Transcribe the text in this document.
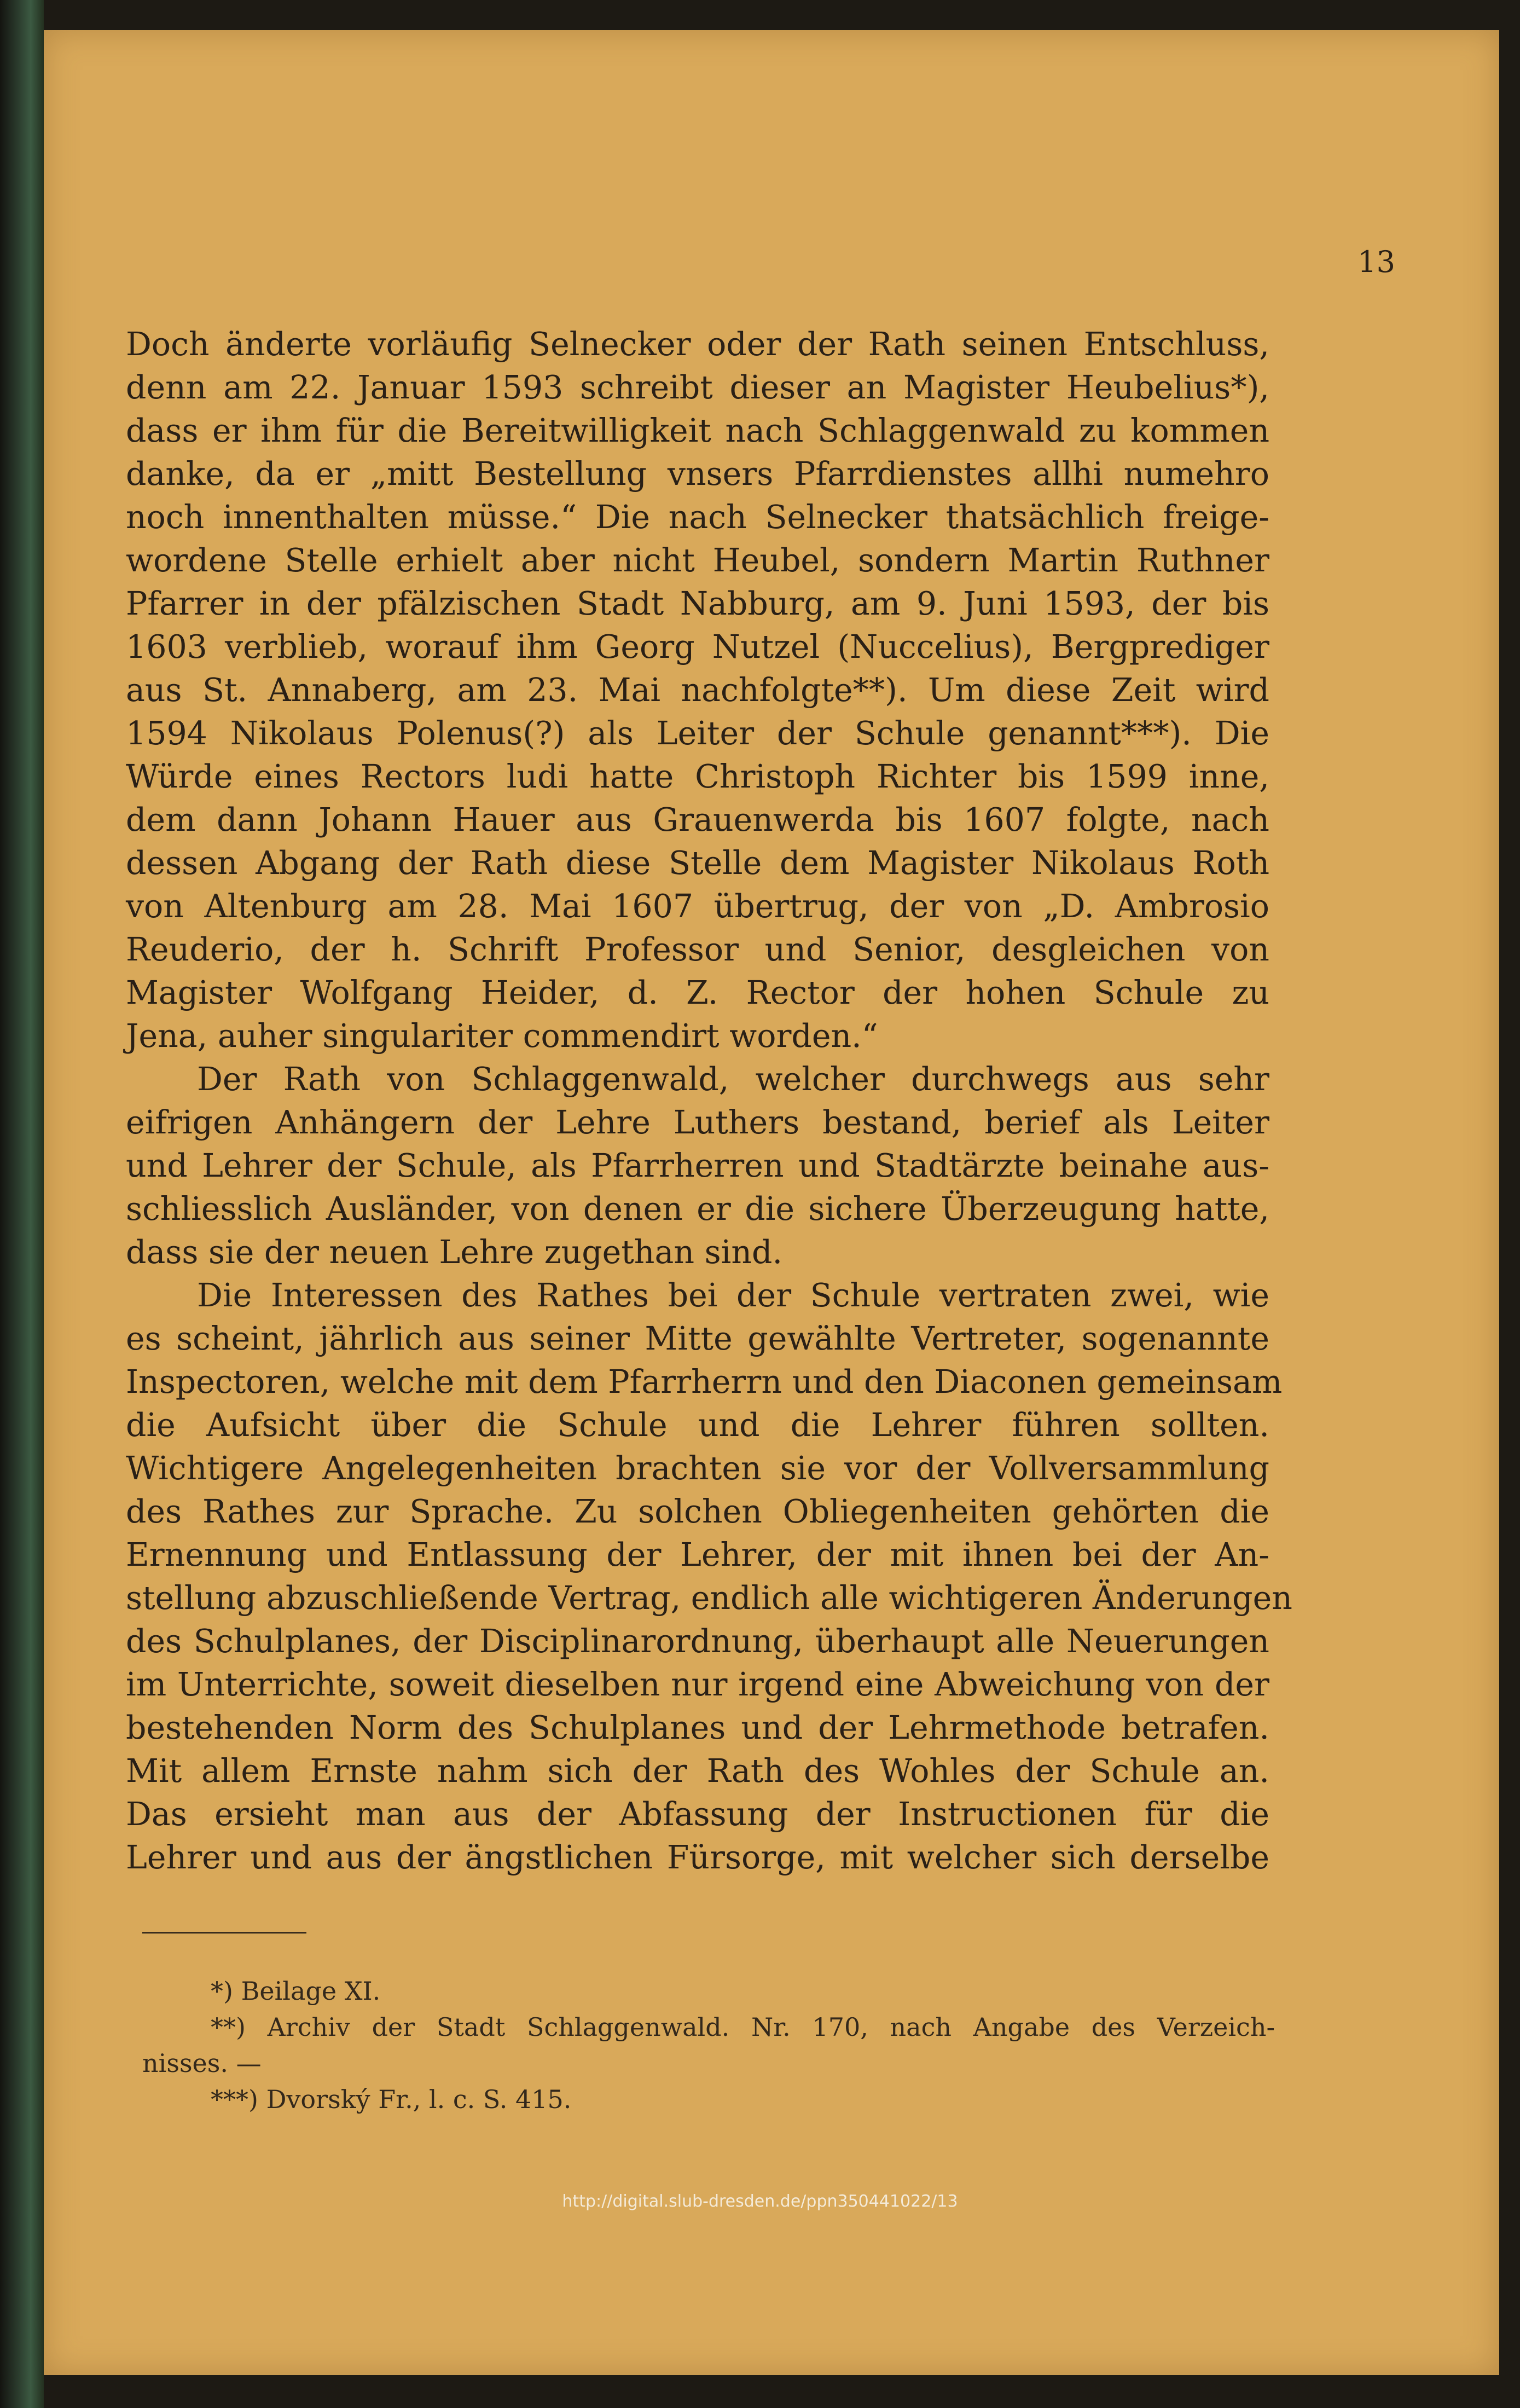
13
Doch änderte vorläufig Selnecker oder der Rath seinen Entschluss,
denn am 22. Januar 1593 schreibt dieser an Magister Heubelius*),
dass er ihm für die Bereitwilligkeit nach Schlaggenwald zu kommen
danke, da er „mitt Bestellung vnsers Pfarrdienstes allhi numehro
noch innenthalten müsse.“ Die nach Selnecker thatsächlich freige-
wordene Stelle erhielt aber nicht Heubel, sondern Martin Ruthner
Pfarrer in der pfälzischen Stadt Nabburg, am 9. Juni 1593, der bis
1603 verblieb, worauf ihm Georg Nutzel (Nuccelius), Bergprediger
aus St. Annaberg, am 23. Mai nachfolgte**). Um diese Zeit wird
1594 Nikolaus Polenus(?) als Leiter der Schule genannt***). Die
Würde eines Rectors ludi hatte Christoph Richter bis 1599 inne,
dem dann Johann Hauer aus Grauenwerda bis 1607 folgte, nach
dessen Abgang der Rath diese Stelle dem Magister Nikolaus Roth
von Altenburg am 28. Mai 1607 übertrug, der von „D. Ambrosio
Reuderio, der h. Schrift Professor und Senior, desgleichen von
Magister Wolfgang Heider, d. Z. Rector der hohen Schule zu
Jena, auher singulariter commendirt worden.“
Der Rath von Schlaggenwald, welcher durchwegs aus sehr
eifrigen Anhängern der Lehre Luthers bestand, berief als Leiter
und Lehrer der Schule, als Pfarrherren und Stadtärzte beinahe aus-
schliesslich Ausländer, von denen er die sichere Überzeugung hatte,
dass sie der neuen Lehre zugethan sind.
Die Interessen des Rathes bei der Schule vertraten zwei, wie
es scheint, jährlich aus seiner Mitte gewählte Vertreter, sogenannte
Inspectoren, welche mit dem Pfarrherrn und den Diaconen gemeinsam
die Aufsicht über die Schule und die Lehrer führen sollten.
Wichtigere Angelegenheiten brachten sie vor der Vollversammlung
des Rathes zur Sprache. Zu solchen Obliegenheiten gehörten die
Ernennung und Entlassung der Lehrer, der mit ihnen bei der An-
stellung abzuschließende Vertrag, endlich alle wichtigeren Änderungen
des Schulplanes, der Disciplinarordnung, überhaupt alle Neuerungen
im Unterrichte, soweit dieselben nur irgend eine Abweichung von der
bestehenden Norm des Schulplanes und der Lehrmethode betrafen.
Mit allem Ernste nahm sich der Rath des Wohles der Schule an.
Das ersieht man aus der Abfassung der Instructionen für die
Lehrer und aus der ängstlichen Fürsorge, mit welcher sich derselbe
*) Beilage XI.
**) Archiv der Stadt Schlaggenwald. Nr. 170, nach Angabe des Verzeich-
nisses. —
***) Dvorský Fr., l. c. S. 415.
http://digital.slub-dresden.de/ppn350441022/13
